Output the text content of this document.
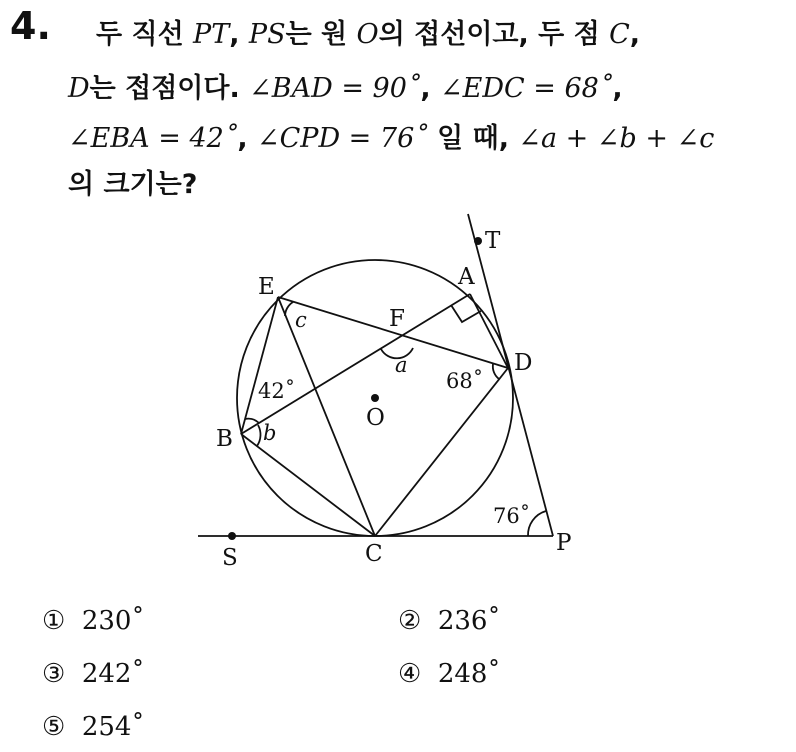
4. 두 직선 PT, PS는 원 O의 접선이고, 두 점 C,
D는 접점이다. ∠BAD = 90˚, ∠EDC = 68˚,
∠EBA = 42˚, ∠CPD = 76˚ 일 때, ∠a + ∠b + ∠c
의 크기는?
T
A
E
F
D
O
B
S	C	P
a
b
c
68˚
42˚
76˚
① 230˚	② 236˚
③ 242˚	④ 248˚
⑤ 254˚
